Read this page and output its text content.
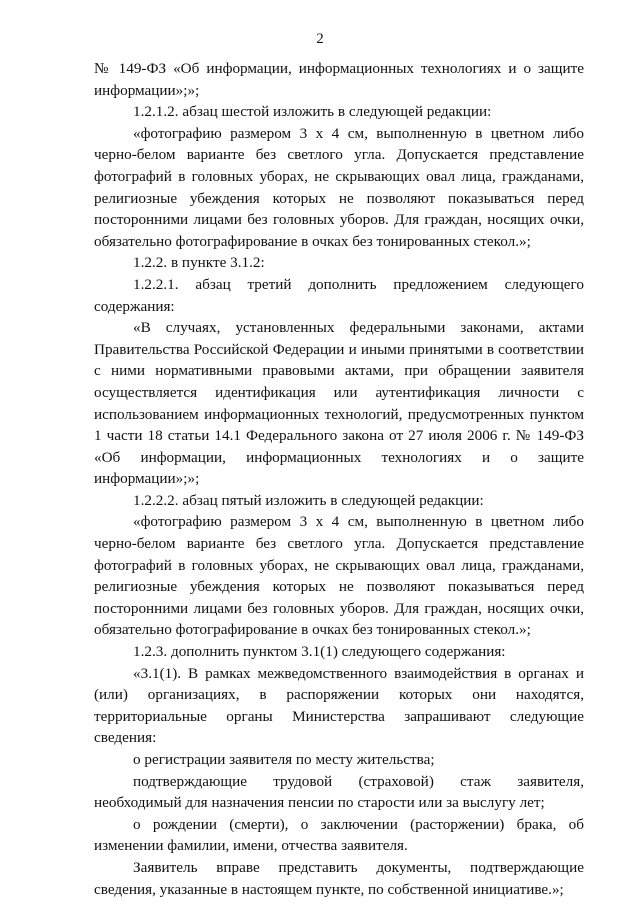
2

№ 149-ФЗ «Об информации, информационных технологиях и о защите информации»;»;

1.2.1.2. абзац шестой изложить в следующей редакции:

«фотографию размером 3 x 4 см, выполненную в цветном либо черно-белом варианте без светлого угла. Допускается представление фотографий в головных уборах, не скрывающих овал лица, гражданами, религиозные убеждения которых не позволяют показываться перед посторонними лицами без головных уборов. Для граждан, носящих очки, обязательно фотографирование в очках без тонированных стекол.»;

1.2.2. в пункте 3.1.2:

1.2.2.1. абзац третий дополнить предложением следующего содержания:

«В случаях, установленных федеральными законами, актами Правительства Российской Федерации и иными принятыми в соответствии с ними нормативными правовыми актами, при обращении заявителя осуществляется идентификация или аутентификация личности с использованием информационных технологий, предусмотренных пунктом 1 части 18 статьи 14.1 Федерального закона от 27 июля 2006 г. № 149-ФЗ «Об информации, информационных технологиях и о защите информации»;»;

1.2.2.2. абзац пятый изложить в следующей редакции:

«фотографию размером 3 x 4 см, выполненную в цветном либо черно-белом варианте без светлого угла. Допускается представление фотографий в головных уборах, не скрывающих овал лица, гражданами, религиозные убеждения которых не позволяют показываться перед посторонними лицами без головных уборов. Для граждан, носящих очки, обязательно фотографирование в очках без тонированных стекол.»;

1.2.3. дополнить пунктом 3.1(1) следующего содержания:

«3.1(1). В рамках межведомственного взаимодействия в органах и (или) организациях, в распоряжении которых они находятся, территориальные органы Министерства запрашивают следующие сведения:

о регистрации заявителя по месту жительства;

подтверждающие трудовой (страховой) стаж заявителя, необходимый для назначения пенсии по старости или за выслугу лет;

о рождении (смерти), о заключении (расторжении) брака, об изменении фамилии, имени, отчества заявителя.

Заявитель вправе представить документы, подтверждающие сведения, указанные в настоящем пункте, по собственной инициативе.»;
